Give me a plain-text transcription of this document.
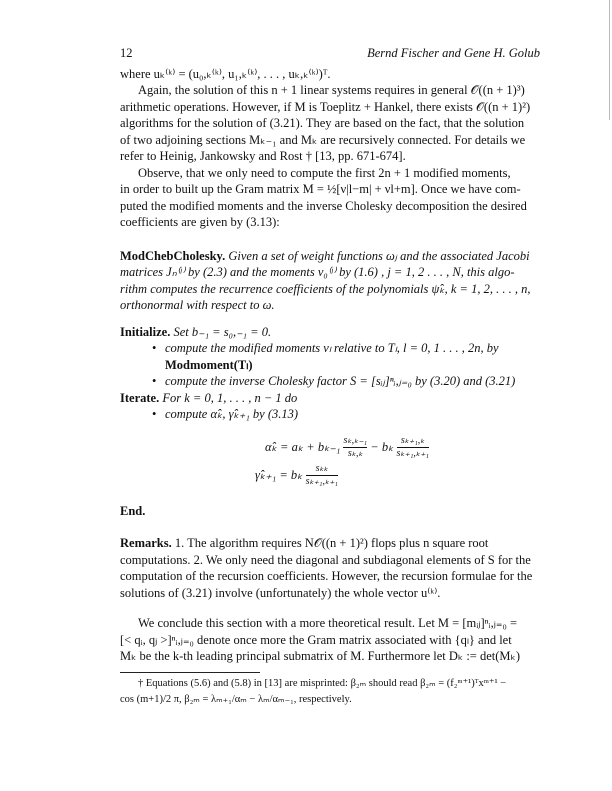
12	Bernd Fischer and Gene H. Golub
where uₖ⁽ᵏ⁾ = (u₀,ₖ⁽ᵏ⁾, u₁,ₖ⁽ᵏ⁾, . . . , uₖ,ₖ⁽ᵏ⁾)ᵀ.
Again, the solution of this n + 1 linear systems requires in general 𝒪((n + 1)³)
arithmetic operations. However, if M is Toeplitz + Hankel, there exists 𝒪((n + 1)²)
algorithms for the solution of (3.21). They are based on the fact, that the solution
of two adjoining sections Mₖ₋₁ and Mₖ are recursively connected. For details we
refer to Heinig, Jankowsky and Rost † [13, pp. 671-674].
Observe, that we only need to compute the first 2n + 1 modified moments,
in order to built up the Gram matrix M = ½[ν|l−m| + νl+m]. Once we have com-
puted the modified moments and the inverse Cholesky decomposition the desired
coefficients are given by (3.13):
ModChebCholesky. Given a set of weight functions ωⱼ and the associated Jacobi
matrices Jₙ⁽ʲ⁾ by (2.3) and the moments ν₀⁽ʲ⁾ by (1.6) , j = 1, 2 . . . , N, this algo-
rithm computes the recurrence coefficients of the polynomials ψ̂ₖ, k = 1, 2, . . . , n,
orthonormal with respect to ω.
Initialize. Set b₋₁ = s₀,₋₁ = 0.
• compute the modified moments νₗ relative to Tₗ, l = 0, 1 . . . , 2n, by
Modmoment(Tₗ)
• compute the inverse Cholesky factor S = [sᵢⱼ]ⁿᵢ,ⱼ₌₀ by (3.20) and (3.21)
Iterate. For k = 0, 1, . . . , n − 1 do
• compute α̂ₖ, γ̂ₖ₊₁ by (3.13)
α̂ₖ = $a_k + b_{k-1} \frac{\text{sₖ,ₖ₋₁}}{\text{sₖ,ₖ}} - b_k \frac{\text{sₖ₊₁,ₖ}}{\text{sₖ₊₁,ₖ₊₁}}$
γ̂ₖ₊₁ = bₖ $\frac{\text{sₖₖ}}{\text{sₖ₊₁,ₖ₊₁}}$
End.
Remarks. 1. The algorithm requires N𝒪((n + 1)²) flops plus n square root
computations. 2. We only need the diagonal and subdiagonal elements of S for the
computation of the recursion coefficients. However, the recursion formulae for the
solutions of (3.21) involve (unfortunately) the whole vector u⁽ᵏ⁾.
We conclude this section with a more theoretical result. Let M = [mᵢⱼ]ⁿᵢ,ⱼ₌₀ =
[< qᵢ, qⱼ >]ⁿᵢ,ⱼ₌₀ denote once more the Gram matrix associated with {qₗ} and let
Mₖ be the k-th leading principal submatrix of M. Furthermore let Dₖ := det(Mₖ)
† Equations (5.6) and (5.8) in [13] are misprinted: β₂ₘ should read β₂ₘ = (f₂ᵐ⁺¹)ᵀxᵐ⁺¹ −
cos (m+1)/2 π, β₂ₘ = λₘ₊₁/αₘ − λₘ/αₘ₋₁, respectively.
